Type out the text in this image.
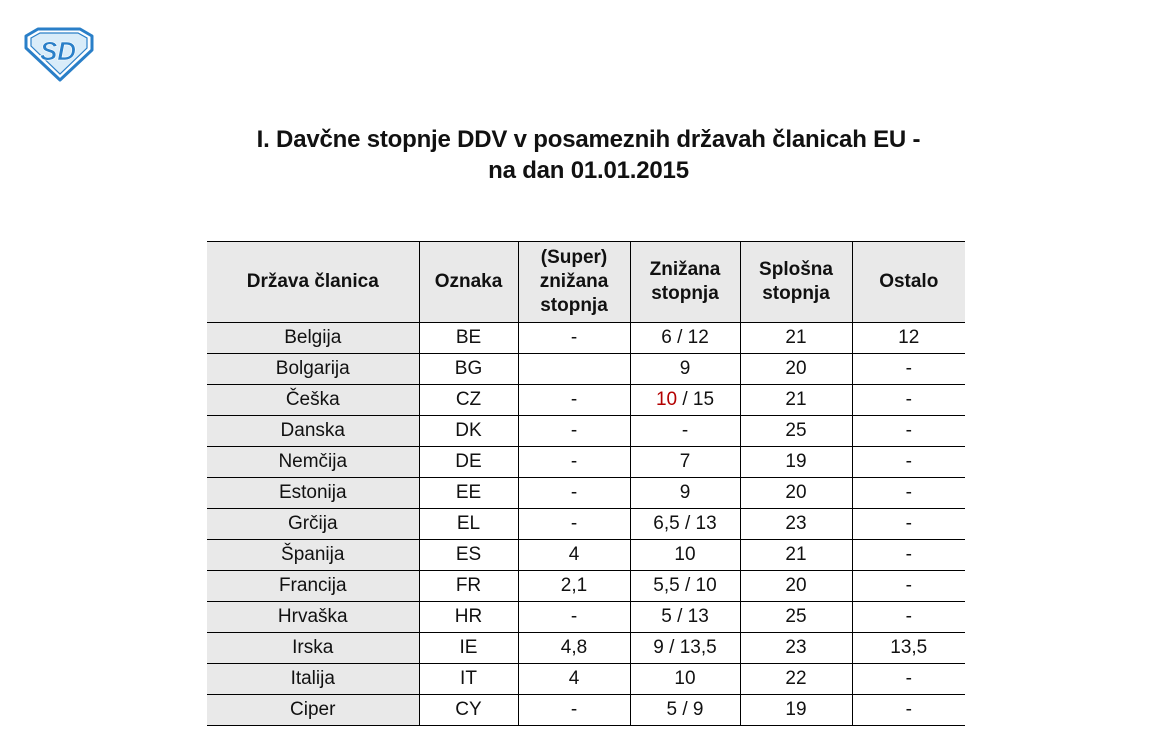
SD
I. Davčne stopnje DDV v posameznih državah članicah EU -
na dan 01.01.2015
Država članica	Oznaka	(Super) znižana stopnja	Znižana stopnja	Splošna stopnja	Ostalo
Belgija	BE	-	6 / 12	21	12
Bolgarija	BG		9	20	-
Češka	CZ	-	10 / 15	21	-
Danska	DK	-	-	25	-
Nemčija	DE	-	7	19	-
Estonija	EE	-	9	20	-
Grčija	EL	-	6,5 / 13	23	-
Španija	ES	4	10	21	-
Francija	FR	2,1	5,5 / 10	20	-
Hrvaška	HR	-	5 / 13	25	-
Irska	IE	4,8	9 / 13,5	23	13,5
Italija	IT	4	10	22	-
Ciper	CY	-	5 / 9	19	-
